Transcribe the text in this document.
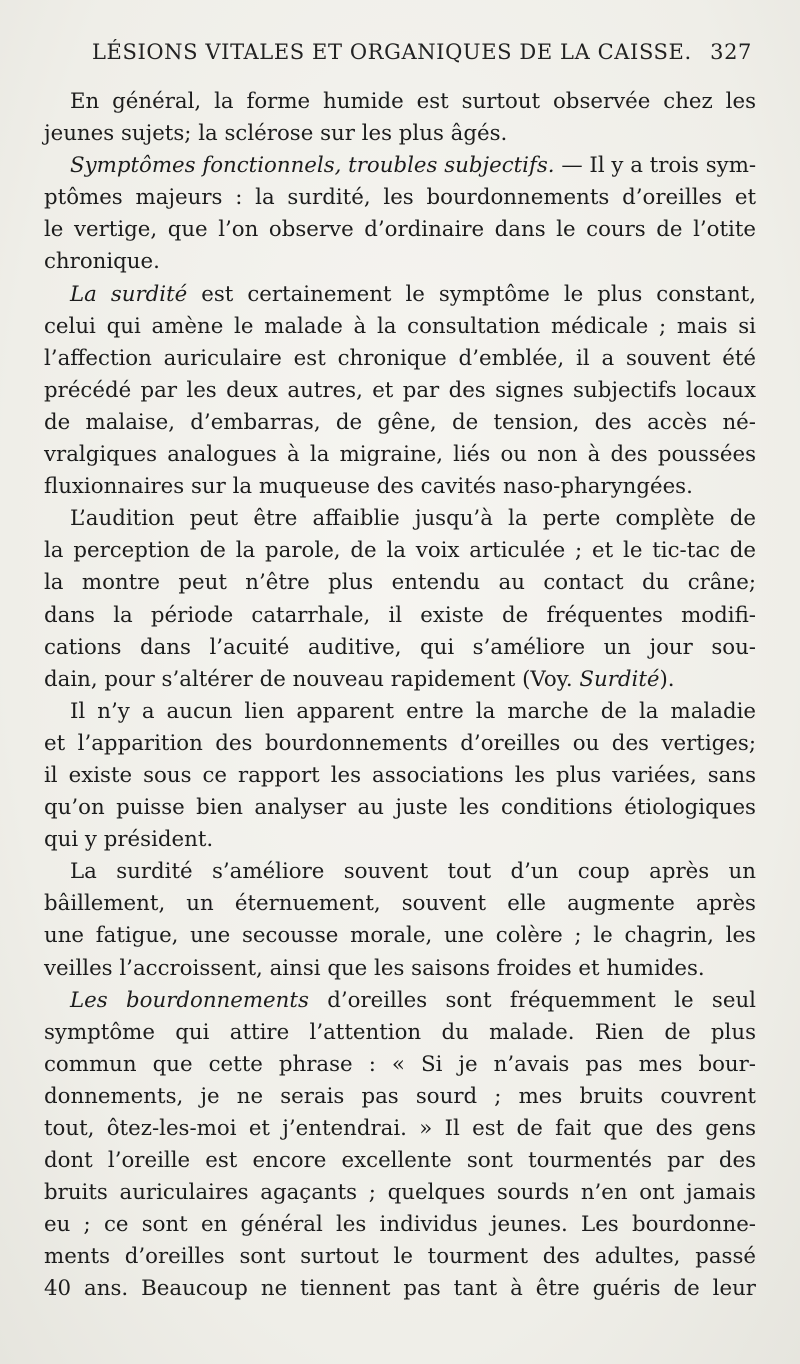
LÉSIONS VITALES ET ORGANIQUES DE LA CAISSE. 327
En général, la forme humide est surtout observée chez les
jeunes sujets; la sclérose sur les plus âgés.
Symptômes fonctionnels, troubles subjectifs. — Il y a trois sym-
ptômes majeurs : la surdité, les bourdonnements d’oreilles et
le vertige, que l’on observe d’ordinaire dans le cours de l’otite
chronique.
La surdité est certainement le symptôme le plus constant,
celui qui amène le malade à la consultation médicale ; mais si
l’affection auriculaire est chronique d’emblée, il a souvent été
précédé par les deux autres, et par des signes subjectifs locaux
de malaise, d’embarras, de gêne, de tension, des accès né-
vralgiques analogues à la migraine, liés ou non à des poussées
fluxionnaires sur la muqueuse des cavités naso-pharyngées.
L’audition peut être affaiblie jusqu’à la perte complète de
la perception de la parole, de la voix articulée ; et le tic-tac de
la montre peut n’être plus entendu au contact du crâne;
dans la période catarrhale, il existe de fréquentes modifi-
cations dans l’acuité auditive, qui s’améliore un jour sou-
dain, pour s’altérer de nouveau rapidement (Voy. Surdité).
Il n’y a aucun lien apparent entre la marche de la maladie
et l’apparition des bourdonnements d’oreilles ou des vertiges;
il existe sous ce rapport les associations les plus variées, sans
qu’on puisse bien analyser au juste les conditions étiologiques
qui y président.
La surdité s’améliore souvent tout d’un coup après un
bâillement, un éternuement, souvent elle augmente après
une fatigue, une secousse morale, une colère ; le chagrin, les
veilles l’accroissent, ainsi que les saisons froides et humides.
Les bourdonnements d’oreilles sont fréquemment le seul
symptôme qui attire l’attention du malade. Rien de plus
commun que cette phrase : « Si je n’avais pas mes bour-
donnements, je ne serais pas sourd ; mes bruits couvrent
tout, ôtez-les-moi et j’entendrai. » Il est de fait que des gens
dont l’oreille est encore excellente sont tourmentés par des
bruits auriculaires agaçants ; quelques sourds n’en ont jamais
eu ; ce sont en général les individus jeunes. Les bourdonne-
ments d’oreilles sont surtout le tourment des adultes, passé
40 ans. Beaucoup ne tiennent pas tant à être guéris de leur
